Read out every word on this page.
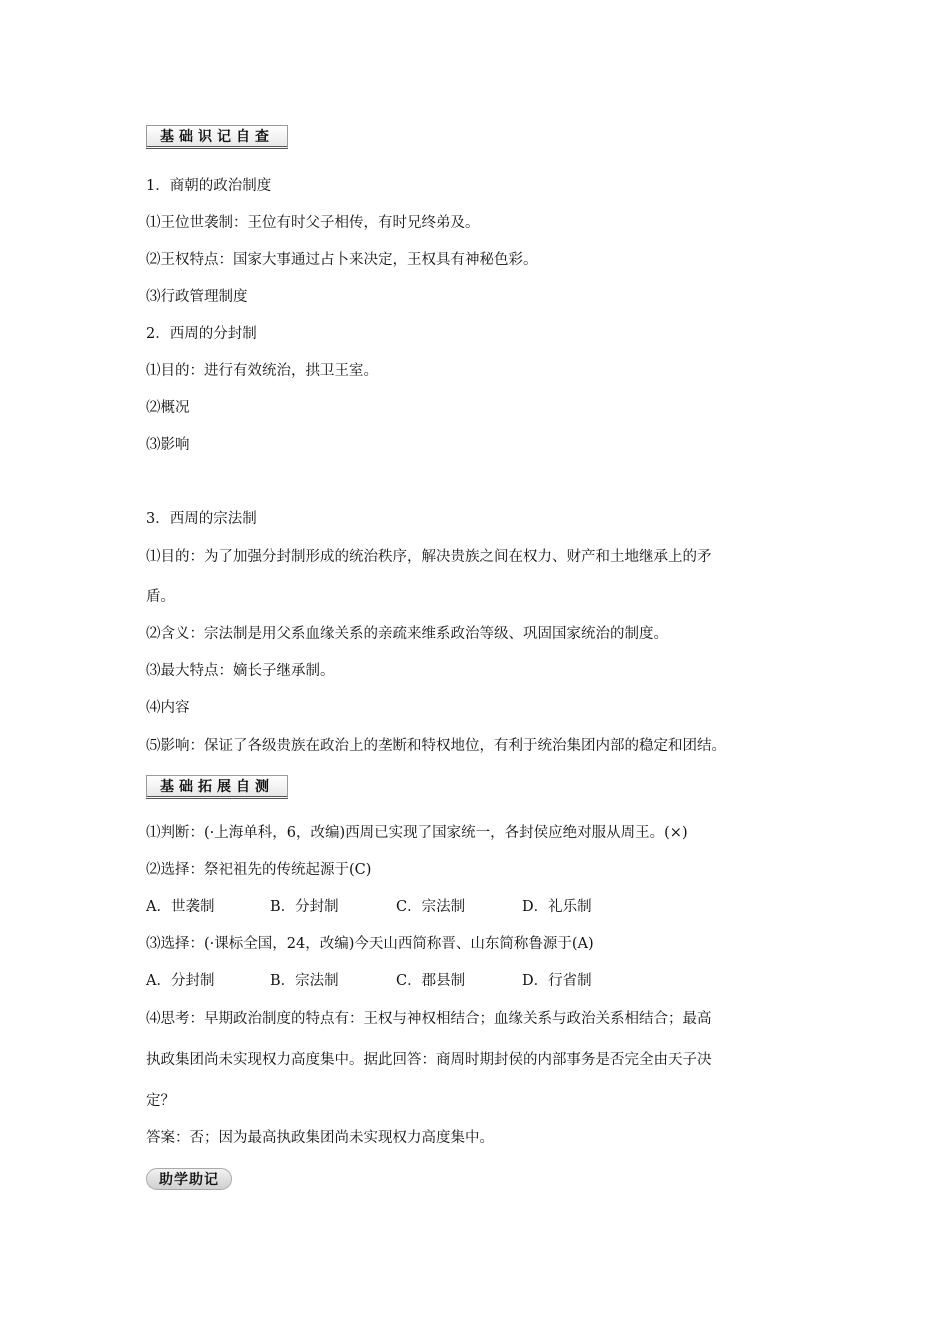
基础识记自查
1．商朝的政治制度
⑴王位世袭制：王位有时父子相传，有时兄终弟及。
⑵王权特点：国家大事通过占卜来决定，王权具有神秘色彩。
⑶行政管理制度
2．西周的分封制
⑴目的：进行有效统治，拱卫王室。
⑵概况
⑶影响
3．西周的宗法制
⑴目的：为了加强分封制形成的统治秩序，解决贵族之间在权力、财产和土地继承上的矛
盾。
⑵含义：宗法制是用父系血缘关系的亲疏来维系政治等级、巩固国家统治的制度。
⑶最大特点：嫡长子继承制。
⑷内容
⑸影响：保证了各级贵族在政治上的垄断和特权地位，有利于统治集团内部的稳定和团结。
基础拓展自测
⑴判断：(·上海单科，6，改编)西周已实现了国家统一，各封侯应绝对服从周王。(×)
⑵选择：祭祀祖先的传统起源于(C)
A．世袭制	B．分封制	C．宗法制	D．礼乐制
⑶选择：(·课标全国，24，改编)今天山西简称晋、山东简称鲁源于(A)
A．分封制	B．宗法制	C．郡县制	D．行省制
⑷思考：早期政治制度的特点有：王权与神权相结合；血缘关系与政治关系相结合；最高
执政集团尚未实现权力高度集中。据此回答：商周时期封侯的内部事务是否完全由天子决
定？
答案：否；因为最高执政集团尚未实现权力高度集中。
助学助记
